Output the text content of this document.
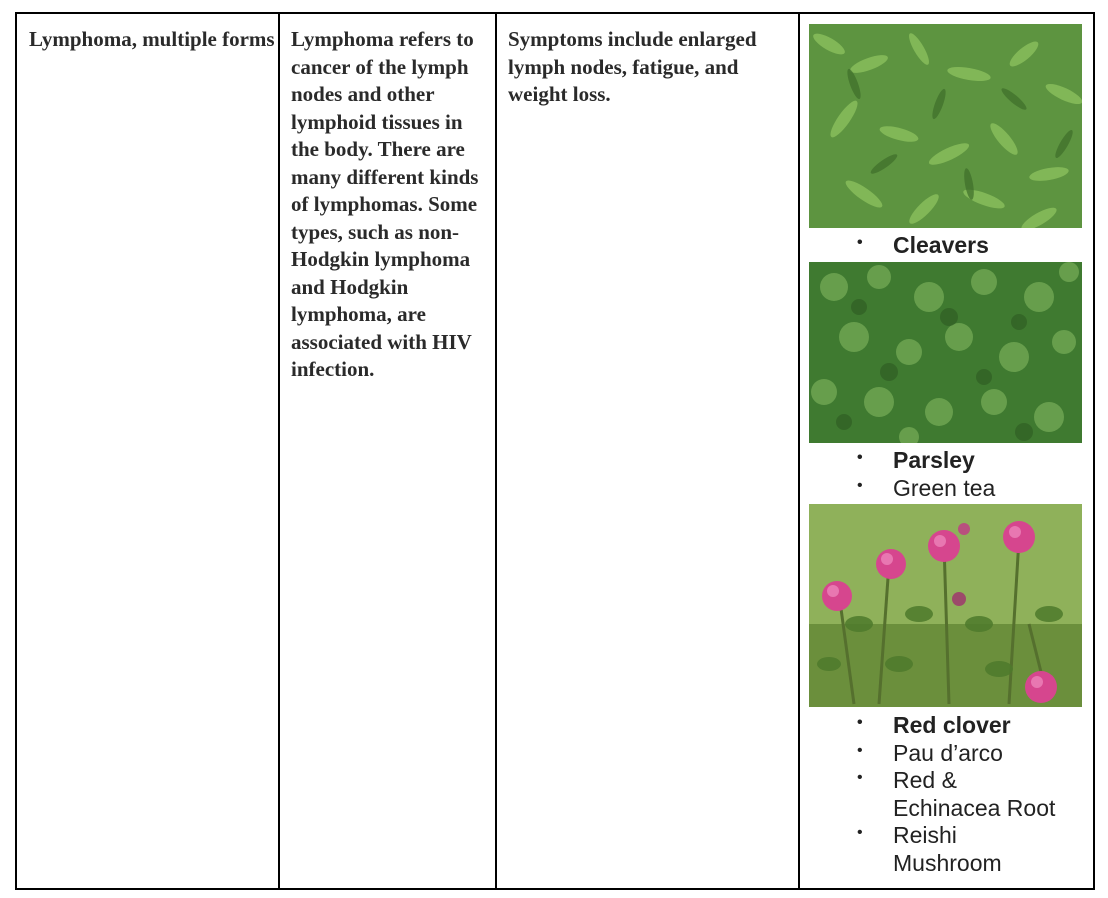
Lymphoma, multiple forms Lymphoma refers to cancer of the lymph nodes and other lymphoid tissues in the body. There are many different kinds of lymphomas. Some types, such as non-Hodgkin lymphoma and Hodgkin lymphoma, are associated with HIV infection.
Symptoms include enlarged lymph nodes, fatigue, and weight loss.
• Cleavers
• Parsley
• Green tea
• Red clover
• Pau d’arco
• Red & Echinacea Root
• Reishi Mushroom
